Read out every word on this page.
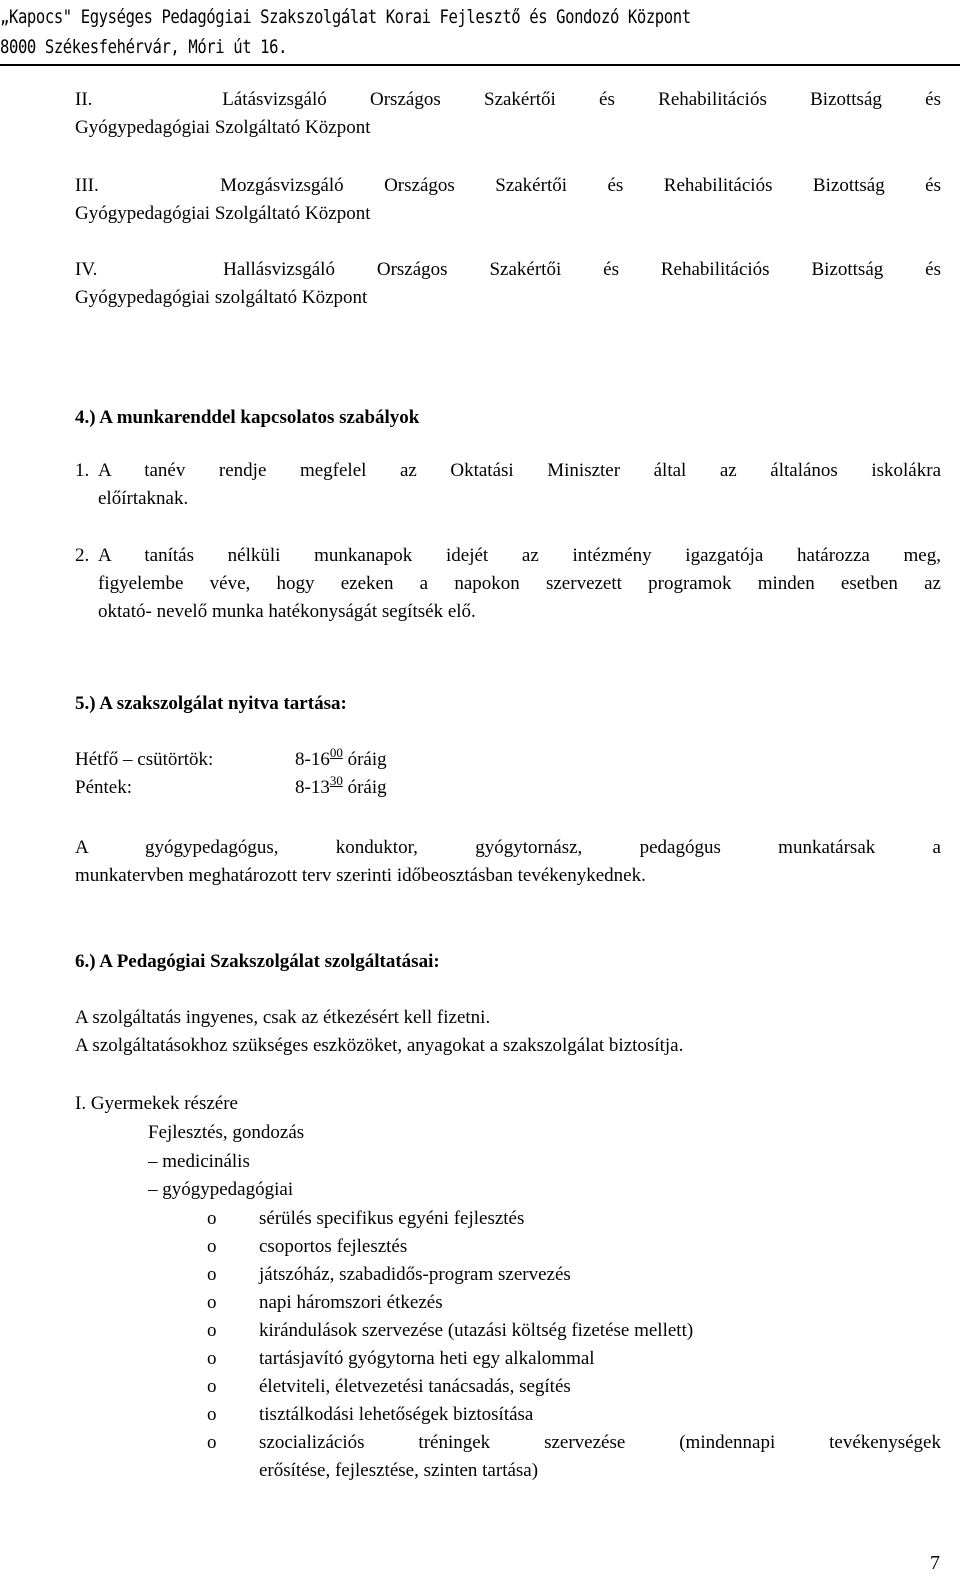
„Kapocs" Egységes Pedagógiai Szakszolgálat Korai Fejlesztő és Gondozó Központ
8000 Székesfehérvár, Móri út 16.
II.	Látásvizsgáló Országos Szakértői és Rehabilitációs Bizottság és
Gyógypedagógiai Szolgáltató Központ
III.	Mozgásvizsgáló Országos Szakértői és Rehabilitációs Bizottság és
Gyógypedagógiai Szolgáltató Központ
IV.	Hallásvizsgáló Országos Szakértői és Rehabilitációs Bizottság és
Gyógypedagógiai szolgáltató Központ
4.) A munkarenddel kapcsolatos szabályok
1. A tanév rendje megfelel az Oktatási Miniszter által az általános iskolákra
előírtaknak.
2. A tanítás nélküli munkanapok idejét az intézmény igazgatója határozza meg,
figyelembe véve, hogy ezeken a napokon szervezett programok minden esetben az
oktató- nevelő munka hatékonyságát segítsék elő.
5.) A szakszolgálat nyitva tartása:
Hétfő – csütörtök:	$8-16^{00}$ óráig
Péntek:	$8-13^{30}$ óráig
A gyógypedagógus, konduktor, gyógytornász, pedagógus munkatársak a
munkatervben meghatározott terv szerinti időbeosztásban tevékenykednek.
6.) A Pedagógiai Szakszolgálat szolgáltatásai:
A szolgáltatás ingyenes, csak az étkezésért kell fizetni.
A szolgáltatásokhoz szükséges eszközöket, anyagokat a szakszolgálat biztosítja.
I. Gyermekek részére
Fejlesztés, gondozás
– medicinális
– gyógypedagógiai
o sérülés specifikus egyéni fejlesztés
o csoportos fejlesztés
o játszóház, szabadidős-program szervezés
o napi háromszori étkezés
o kirándulások szervezése (utazási költség fizetése mellett)
o tartásjavító gyógytorna heti egy alkalommal
o életviteli, életvezetési tanácsadás, segítés
o tisztálkodási lehetőségek biztosítása
o szocializációs tréningek szervezése (mindennapi tevékenységek
erősítése, fejlesztése, szinten tartása)
7
